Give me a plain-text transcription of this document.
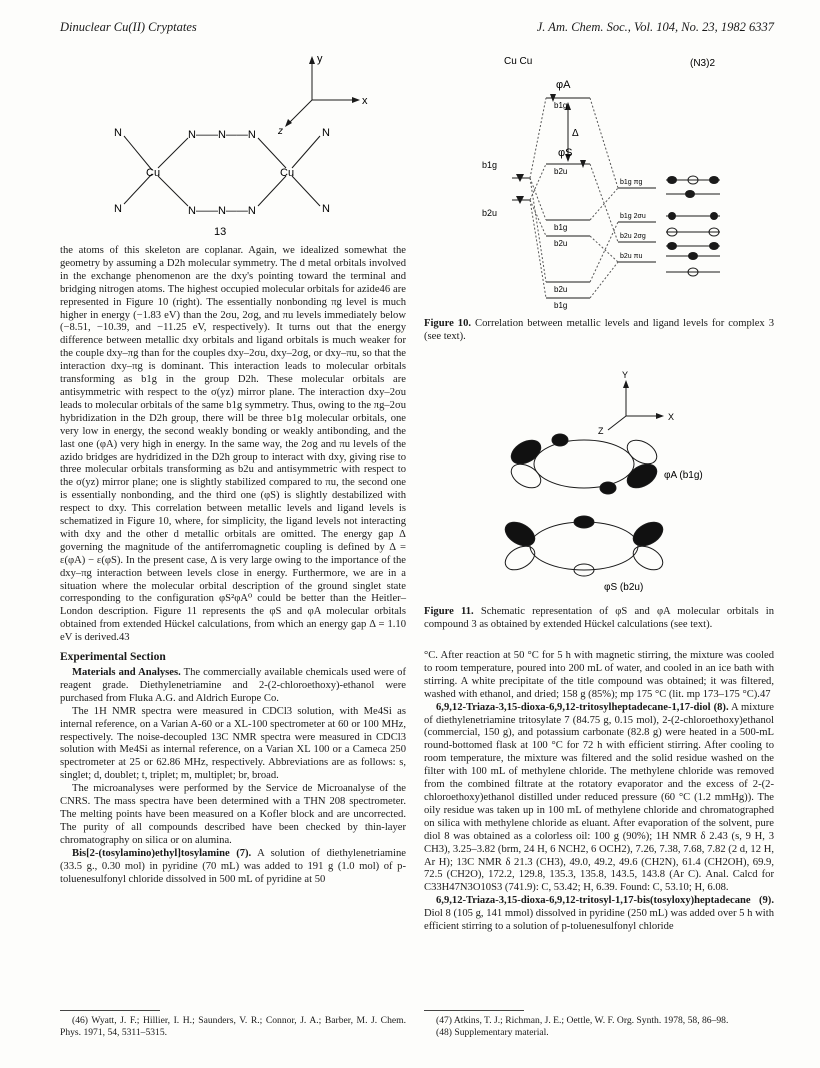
Dinuclear Cu(II) Cryptates	J. Am. Chem. Soc., Vol. 104, No. 23, 1982 6337
y
x
z
N
N
N
N
Cu	Cu
N——N——N
N——N——N
13

the atoms of this skeleton are coplanar. Again, we idealized somewhat the geometry by assuming a D2h molecular symmetry. The d metal orbitals involved in the exchange phenomenon are the dxy's pointing toward the terminal and bridging nitrogen atoms. The highest occupied molecular orbitals for azide46 are represented in Figure 10 (right). The essentially nonbonding πg level is much higher in energy (−1.83 eV) than the 2σu, 2σg, and πu levels immediately below (−8.51, −10.39, and −11.25 eV, respectively). It turns out that the energy difference between metallic dxy orbitals and ligand orbitals is much weaker for the couple dxy–πg than for the couples dxy–2σu, dxy–2σg, or dxy–πu, so that the interaction dxy–πg is dominant. This interaction leads to molecular orbitals transforming as b1g in the group D2h. These molecular orbitals are antisymmetric with respect to the σ(yz) mirror plane. The interaction dxy–2σu leads to molecular orbitals of the same b1g symmetry. Thus, owing to the πg–2σu hybridization in the D2h group, there will be three b1g molecular orbitals, one very low in energy, the second weakly bonding or weakly antibonding, and the last one (φA) very high in energy. In the same way, the 2σg and πu levels of the azido bridges are hydridized in the D2h group to interact with dxy, giving rise to three molecular orbitals transforming as b2u and antisymmetric with respect to the σ(yz) mirror plane; one is slightly stabilized compared to πu, the second one is essentially nonbonding, and the third one (φS) is slightly destabilized with respect to dxy. This correlation between metallic levels and ligand levels is schematized in Figure 10, where, for simplicity, the ligand levels not interacting with dxy and the other d metallic orbitals are omitted. The energy gap Δ governing the magnitude of the antiferromagnetic coupling is defined by Δ = ε(φA) − ε(φS). In the present case, Δ is very large owing to the importance of the dxy–πg interaction between levels close in energy. Furthermore, we are in a situation where the molecular orbital description of the ground singlet state corresponding to the configuration φS²φA⁰ could be better than the Heitler–London description. Figure 11 represents the φS and φA molecular orbitals obtained from extended Hückel calculations, from which an energy gap Δ = 1.10 eV is derived.43

Experimental Section

Materials and Analyses. The commercially available chemicals used were of reagent grade. Diethylenetriamine and 2-(2-chloroethoxy)-ethanol were purchased from Fluka A.G. and Aldrich Europe Co.

The 1H NMR spectra were measured in CDCl3 solution, with Me4Si as internal reference, on a Varian A-60 or a XL-100 spectrometer at 60 or 100 MHz, respectively. The noise-decoupled 13C NMR spectra were measured in CDCl3 solution with Me4Si as internal reference, on a Varian XL 100 or a Cameca 250 spectrometer at 25 or 62.86 MHz, respectively. Abbreviations are as follows: s, singlet; d, doublet; t, triplet; m, multiplet; br, broad.

The microanalyses were performed by the Service de Microanalyse of the CNRS. The mass spectra have been determined with a THN 208 spectrometer. The melting points have been measured on a Kofler block and are uncorrected. The purity of all compounds described have been checked by thin-layer chromatography on silica or on alumina.

Bis[2-(tosylamino)ethyl]tosylamine (7). A solution of diethylenetriamine (33.5 g., 0.30 mol) in pyridine (70 mL) was added to 191 g (1.0 mol) of p-toluenesulfonyl chloride dissolved in 500 mL of pyridine at 50

(46) Wyatt, J. F.; Hillier, I. H.; Saunders, V. R.; Connor, J. A.; Barber, M. J. Chem. Phys. 1971, 54, 5311–5315.

Cu Cu	(N3)2
φA
b1g
Δ
φS
b2u
b1g
b2u
b1g
b2u
b2u
b1g
b1g πg
b1g 2σu
b2u 2σg
b2u πu
Figure 10. Correlation between metallic levels and ligand levels for complex 3 (see text).
Y
X
Z
φA (b1g)
φS (b2u)
Figure 11. Schematic representation of φS and φA molecular orbitals in compound 3 as obtained by extended Hückel calculations (see text).

°C. After reaction at 50 °C for 5 h with magnetic stirring, the mixture was cooled to room temperature, poured into 200 mL of water, and cooled in an ice bath with stirring. A white precipitate of the title compound was obtained; it was filtered, washed with ethanol, and dried; 158 g (85%); mp 175 °C (lit. mp 173–175 °C).47

6,9,12-Triaza-3,15-dioxa-6,9,12-tritosylheptadecane-1,17-diol (8). A mixture of diethylenetriamine tritosylate 7 (84.75 g, 0.15 mol), 2-(2-chloroethoxy)ethanol (commercial, 150 g), and potassium carbonate (82.8 g) were heated in a 500-mL round-bottomed flask at 100 °C for 72 h with efficient stirring. After cooling to room temperature, the mixture was filtered and the solid residue washed on the filter with 100 mL of methylene chloride. The methylene chloride was removed from the combined filtrate at the rotatory evaporator and the excess of 2-(2-chloroethoxy)ethanol distilled under reduced pressure (60 °C (1.2 mmHg)). The oily residue was taken up in 100 mL of methylene chloride and chromatographed on silica with methylene chloride as eluant. After evaporation of the solvent, pure diol 8 was obtained as a colorless oil: 100 g (90%); 1H NMR δ 2.43 (s, 9 H, 3 CH3), 3.25–3.82 (brm, 24 H, 6 NCH2, 6 OCH2), 7.26, 7.38, 7.68, 7.82 (2 d, 12 H, Ar H); 13C NMR δ 21.3 (CH3), 49.0, 49.2, 49.6 (CH2N), 61.4 (CH2OH), 69.9, 72.5 (CH2O), 172.2, 129.8, 135.3, 135.8, 143.5, 143.8 (Ar C). Anal. Calcd for C33H47N3O10S3 (741.9): C, 53.42; H, 6.39. Found: C, 53.10; H, 6.08.

6,9,12-Triaza-3,15-dioxa-6,9,12-tritosyl-1,17-bis(tosyloxy)heptadecane (9). Diol 8 (105 g, 141 mmol) dissolved in pyridine (250 mL) was added over 5 h with efficient stirring to a solution of p-toluenesulfonyl chloride

(47) Atkins, T. J.; Richman, J. E.; Oettle, W. F. Org. Synth. 1978, 58, 86–98.

(48) Supplementary material.
